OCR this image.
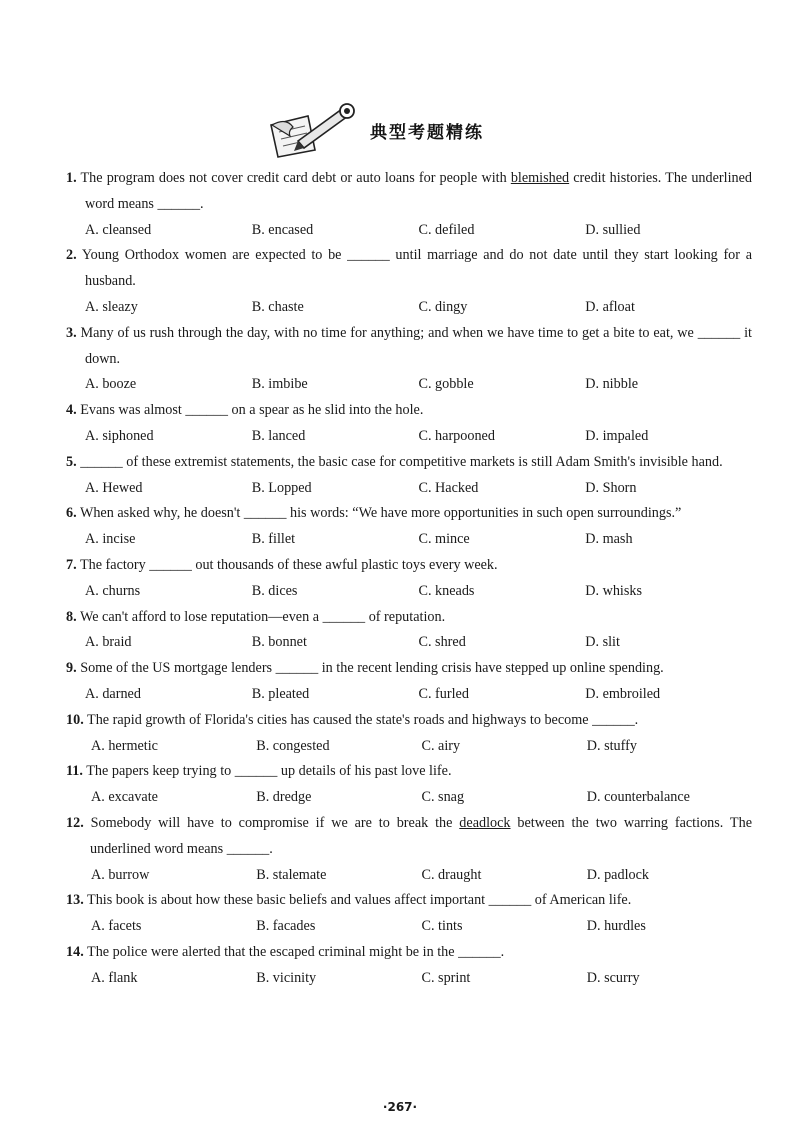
典型考题精练
1. The program does not cover credit card debt or auto loans for people with blemished credit histories. The underlined word means ______.
A. cleansed	B. encased	C. defiled	D. sullied
2. Young Orthodox women are expected to be ______ until marriage and do not date until they start looking for a husband.
A. sleazy	B. chaste	C. dingy	D. afloat
3. Many of us rush through the day, with no time for anything; and when we have time to get a bite to eat, we ______ it down.
A. booze	B. imbibe	C. gobble	D. nibble
4. Evans was almost ______ on a spear as he slid into the hole.
A. siphoned	B. lanced	C. harpooned	D. impaled
5. ______ of these extremist statements, the basic case for competitive markets is still Adam Smith's invisible hand.
A. Hewed	B. Lopped	C. Hacked	D. Shorn
6. When asked why, he doesn't ______ his words: “We have more opportunities in such open surroundings.”
A. incise	B. fillet	C. mince	D. mash
7. The factory ______ out thousands of these awful plastic toys every week.
A. churns	B. dices	C. kneads	D. whisks
8. We can't afford to lose reputation—even a ______ of reputation.
A. braid	B. bonnet	C. shred	D. slit
9. Some of the US mortgage lenders ______ in the recent lending crisis have stepped up online spending.
A. darned	B. pleated	C. furled	D. embroiled
10. The rapid growth of Florida's cities has caused the state's roads and highways to become ______.
A. hermetic	B. congested	C. airy	D. stuffy
11. The papers keep trying to ______ up details of his past love life.
A. excavate	B. dredge	C. snag	D. counterbalance
12. Somebody will have to compromise if we are to break the deadlock between the two warring factions. The underlined word means ______.
A. burrow	B. stalemate	C. draught	D. padlock
13. This book is about how these basic beliefs and values affect important ______ of American life.
A. facets	B. facades	C. tints	D. hurdles
14. The police were alerted that the escaped criminal might be in the ______.
A. flank	B. vicinity	C. sprint	D. scurry
·267·
